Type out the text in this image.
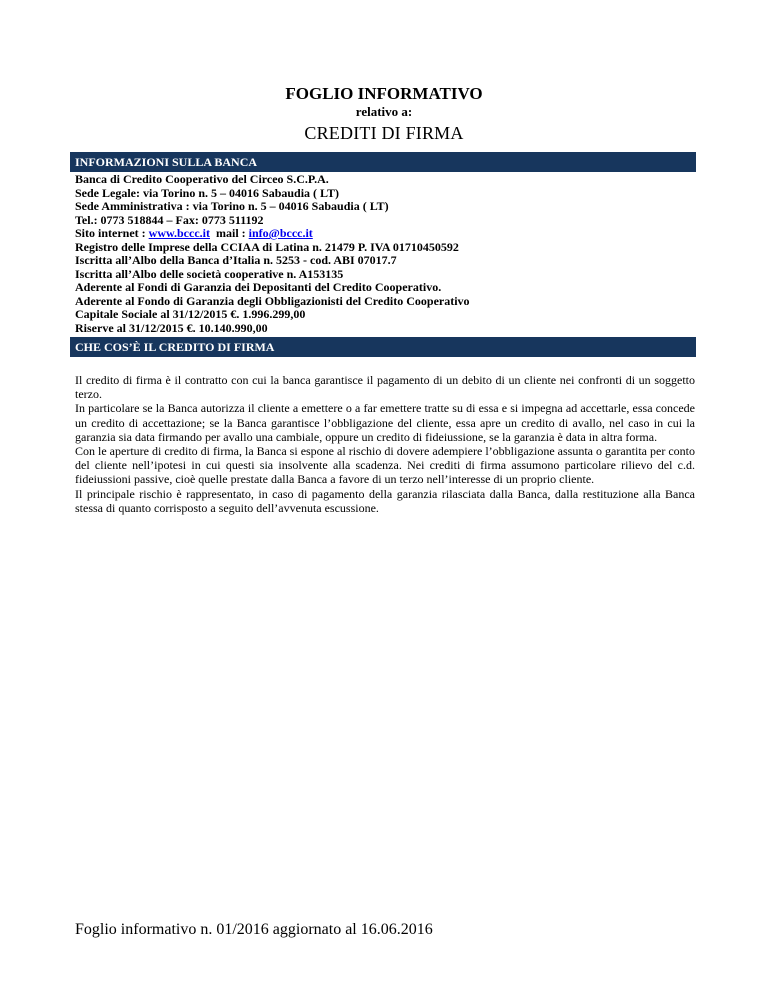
FOGLIO INFORMATIVO
relativo a:
CREDITI DI FIRMA
INFORMAZIONI SULLA BANCA
Banca di Credito Cooperativo del Circeo S.C.P.A.
Sede Legale: via Torino n. 5 – 04016 Sabaudia ( LT)
Sede Amministrativa : via Torino n. 5 – 04016 Sabaudia ( LT)
Tel.: 0773 518844 – Fax: 0773 511192
Sito internet : www.bccc.it  mail : info@bccc.it
Registro delle Imprese della CCIAA di Latina n. 21479 P. IVA 01710450592
Iscritta all’Albo della Banca d’Italia n. 5253 - cod. ABI 07017.7
Iscritta all’Albo delle società cooperative n. A153135
Aderente al Fondi di Garanzia dei Depositanti del Credito Cooperativo.
Aderente al Fondo di Garanzia degli Obbligazionisti del Credito Cooperativo
Capitale Sociale al 31/12/2015 €. 1.996.299,00
Riserve al 31/12/2015 €. 10.140.990,00
CHE COS’È IL CREDITO DI FIRMA

Il credito di firma è il contratto con cui la banca garantisce il pagamento di un debito di un cliente nei confronti di un soggetto terzo.

In particolare se la Banca autorizza il cliente a emettere o a far emettere tratte su di essa e si impegna ad accettarle, essa concede un credito di accettazione; se la Banca garantisce l’obbligazione del cliente, essa apre un credito di avallo, nel caso in cui la garanzia sia data firmando per avallo una cambiale, oppure un credito di fideiussione, se la garanzia è data in altra forma.

Con le aperture di credito di firma, la Banca si espone al rischio di dovere adempiere l’obbligazione assunta o garantita per conto del cliente nell’ipotesi in cui questi sia insolvente alla scadenza. Nei crediti di firma assumono particolare rilievo del c.d. fideiussioni passive, cioè quelle prestate dalla Banca a favore di un terzo nell’interesse di un proprio cliente.

Il principale rischio è rappresentato, in caso di pagamento della garanzia rilasciata dalla Banca, dalla restituzione alla Banca stessa di quanto corrisposto a seguito dell’avvenuta escussione.

Foglio informativo n. 01/2016 aggiornato al 16.06.2016
